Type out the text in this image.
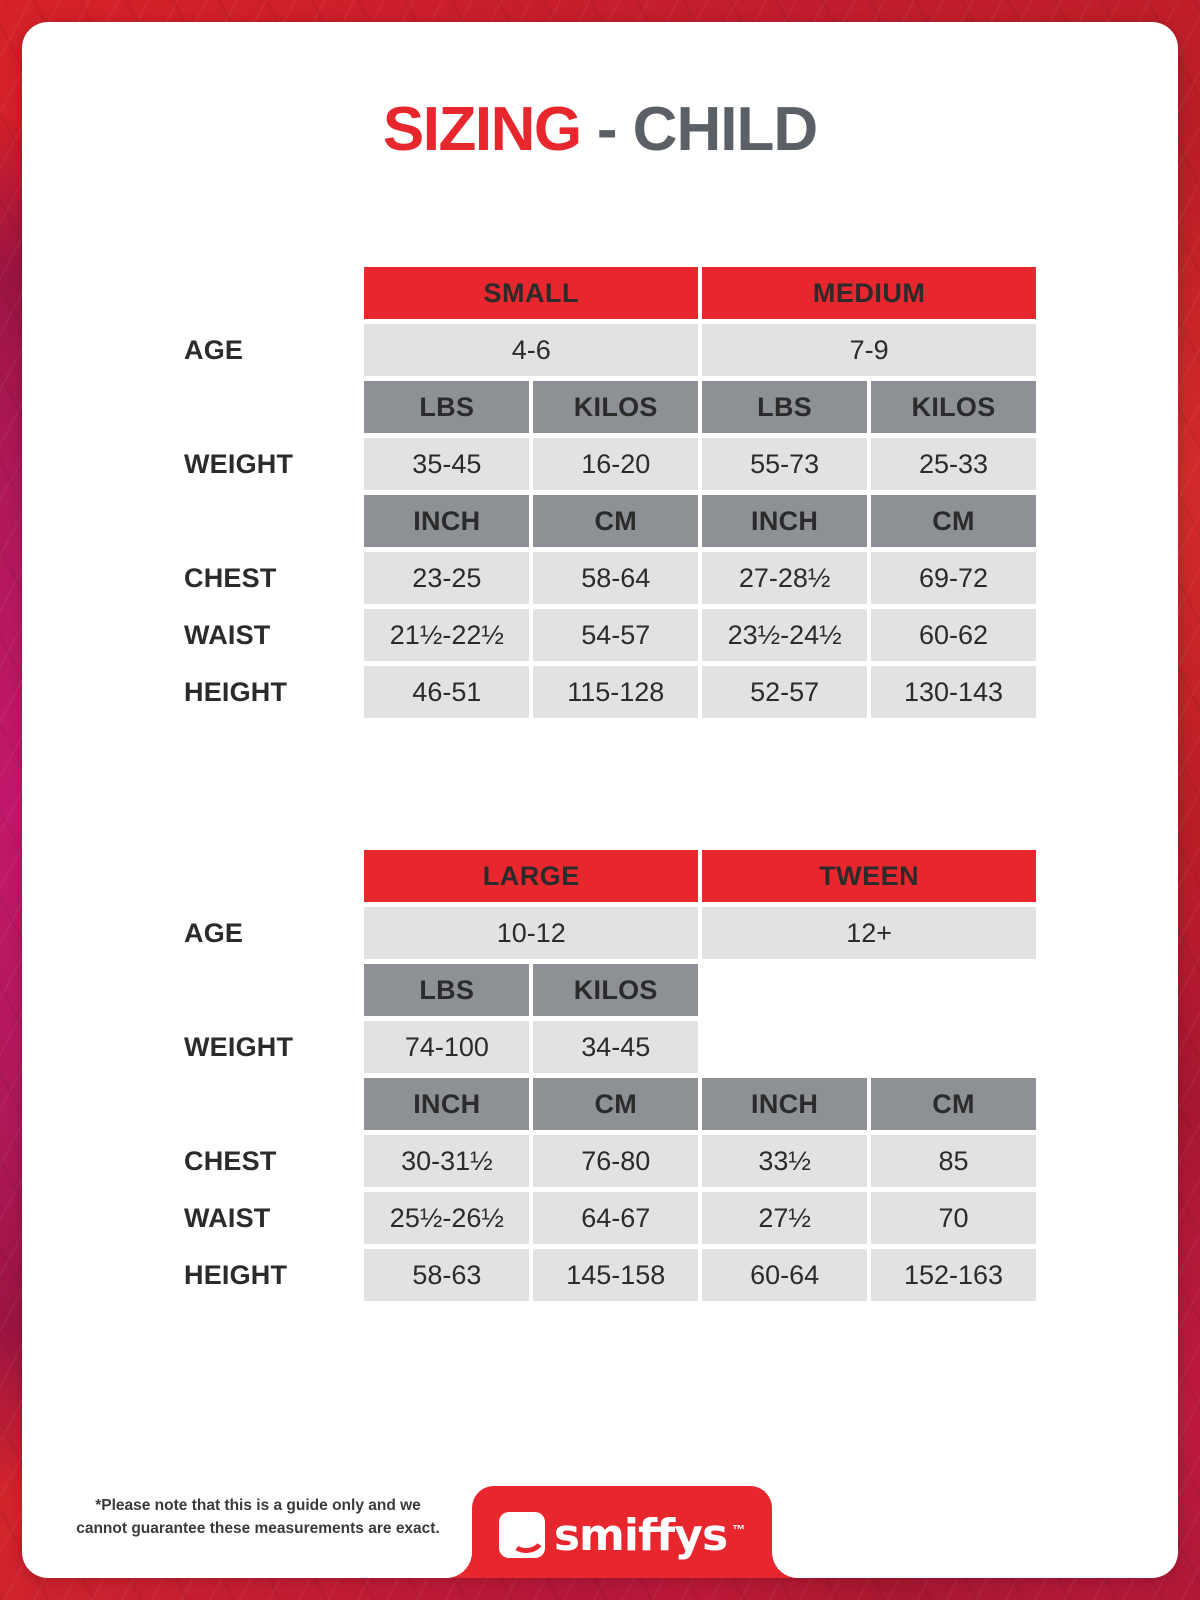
SIZING - CHILD
	SMALL		MEDIUM	
AGE	4-6		7-9	
	LBS	KILOS	LBS	KILOS
WEIGHT	35-45	16-20	55-73	25-33
	INCH	CM	INCH	CM
CHEST	23-25	58-64	27-28½	69-72
WAIST	21½-22½	54-57	23½-24½	60-62
HEIGHT	46-51	115-128	52-57	130-143
	LARGE		TWEEN	
AGE	10-12		12+	
	LBS	KILOS		
WEIGHT	74-100	34-45		
	INCH	CM	INCH	CM
CHEST	30-31½	76-80	33½	85
WAIST	25½-26½	64-67	27½	70
HEIGHT	58-63	145-158	60-64	152-163
*Please note that this is a guide only and we cannot guarantee these measurements are exact.	smiffys ™
